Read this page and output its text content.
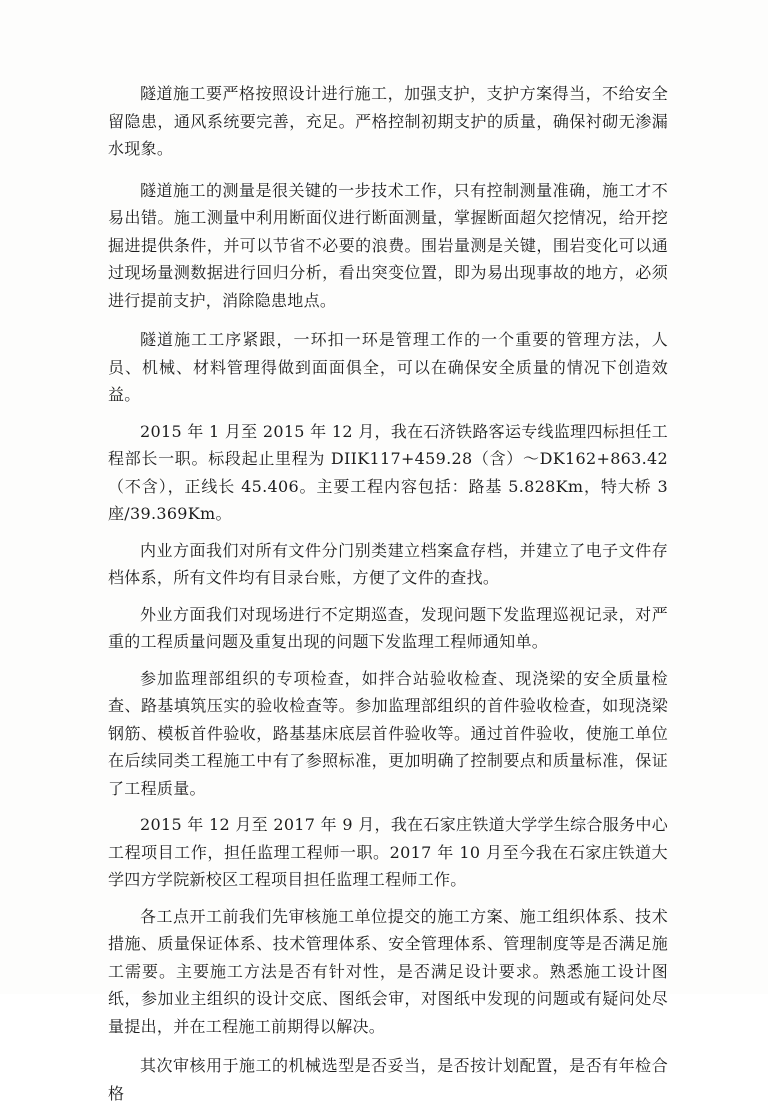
隧道施工要严格按照设计进行施工，加强支护，支护方案得当，不给安全留隐患，通风系统要完善，充足。严格控制初期支护的质量，确保衬砌无渗漏水现象。

隧道施工的测量是很关键的一步技术工作，只有控制测量准确，施工才不易出错。施工测量中利用断面仪进行断面测量，掌握断面超欠挖情况，给开挖掘进提供条件，并可以节省不必要的浪费。围岩量测是关键，围岩变化可以通过现场量测数据进行回归分析，看出突变位置，即为易出现事故的地方，必须进行提前支护，消除隐患地点。

隧道施工工序紧跟，一环扣一环是管理工作的一个重要的管理方法，人员、机械、材料管理得做到面面俱全，可以在确保安全质量的情况下创造效益。

2015 年 1 月至 2015 年 12 月，我在石济铁路客运专线监理四标担任工程部长一职。标段起止里程为 DIIK117+459.28（含）～DK162+863.42（不含），正线长 45.406。主要工程内容包括：路基 5.828Km，特大桥 3 座/39.369Km。

内业方面我们对所有文件分门别类建立档案盒存档，并建立了电子文件存档体系，所有文件均有目录台账，方便了文件的查找。

外业方面我们对现场进行不定期巡查，发现问题下发监理巡视记录，对严重的工程质量问题及重复出现的问题下发监理工程师通知单。

参加监理部组织的专项检查，如拌合站验收检查、现浇梁的安全质量检查、路基填筑压实的验收检查等。参加监理部组织的首件验收检查，如现浇梁钢筋、模板首件验收，路基基床底层首件验收等。通过首件验收，使施工单位在后续同类工程施工中有了参照标准，更加明确了控制要点和质量标准，保证了工程质量。

2015 年 12 月至 2017 年 9 月，我在石家庄铁道大学学生综合服务中心工程项目工作，担任监理工程师一职。2017 年 10 月至今我在石家庄铁道大学四方学院新校区工程项目担任监理工程师工作。

各工点开工前我们先审核施工单位提交的施工方案、施工组织体系、技术措施、质量保证体系、技术管理体系、安全管理体系、管理制度等是否满足施工需要。主要施工方法是否有针对性，是否满足设计要求。熟悉施工设计图纸，参加业主组织的设计交底、图纸会审，对图纸中发现的问题或有疑问处尽量提出，并在工程施工前期得以解决。

其次审核用于施工的机械选型是否妥当，是否按计划配置，是否有年检合格
